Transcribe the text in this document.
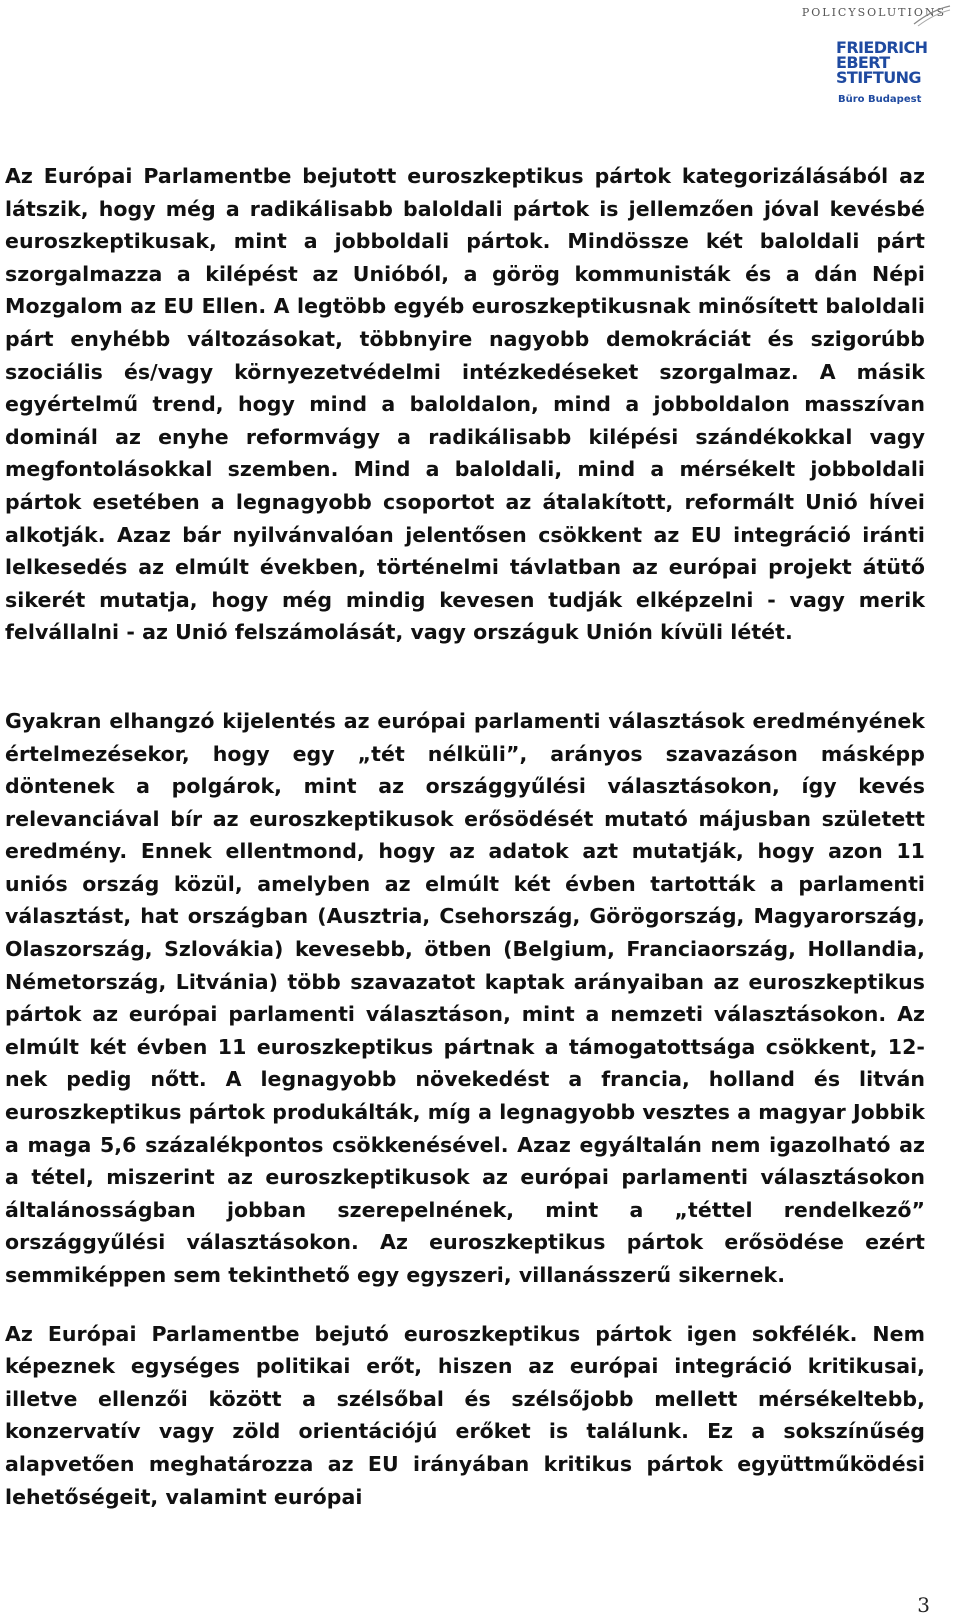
POLICYSOLUTIONS
FRIEDRICH
EBERT
STIFTUNG
Büro Budapest

Az Európai Parlamentbe bejutott euroszkeptikus pártok kategorizálásából az látszik, hogy még a radikálisabb baloldali pártok is jellemzően jóval kevésbé euroszkeptikusak, mint a jobboldali pártok. Mindössze két baloldali párt szorgalmazza a kilépést az Unióból, a görög kommunisták és a dán Népi Mozgalom az EU Ellen. A legtöbb egyéb euroszkeptikusnak minősített baloldali párt enyhébb változásokat, többnyire nagyobb demokráciát és szigorúbb szociális és/vagy környezetvédelmi intézkedéseket szorgalmaz. A másik egyértelmű trend, hogy mind a baloldalon, mind a jobboldalon masszívan dominál az enyhe reformvágy a radikálisabb kilépési szándékokkal vagy megfontolásokkal szemben. Mind a baloldali, mind a mérsékelt jobboldali pártok esetében a legnagyobb csoportot az átalakított, reformált Unió hívei alkotják. Azaz bár nyilvánvalóan jelentősen csökkent az EU integráció iránti lelkesedés az elmúlt években, történelmi távlatban az európai projekt átütő sikerét mutatja, hogy még mindig kevesen tudják elképzelni - vagy merik felvállalni - az Unió felszámolását, vagy országuk Unión kívüli létét.

Gyakran elhangzó kijelentés az európai parlamenti választások eredményének értelmezésekor, hogy egy „tét nélküli”, arányos szavazáson másképp döntenek a polgárok, mint az országgyűlési választásokon, így kevés relevanciával bír az euroszkeptikusok erősödését mutató májusban született eredmény. Ennek ellentmond, hogy az adatok azt mutatják, hogy azon 11 uniós ország közül, amelyben az elmúlt két évben tartották a parlamenti választást, hat országban (Ausztria, Csehország, Görögország, Magyarország, Olaszország, Szlovákia) kevesebb, ötben (Belgium, Franciaország, Hollandia, Németország, Litvánia) több szavazatot kaptak arányaiban az euroszkeptikus pártok az európai parlamenti választáson, mint a nemzeti választásokon. Az elmúlt két évben 11 euroszkeptikus pártnak a támogatottsága csökkent, 12-nek pedig nőtt. A legnagyobb növekedést a francia, holland és litván euroszkeptikus pártok produkálták, míg a legnagyobb vesztes a magyar Jobbik a maga 5,6 százalékpontos csökkenésével. Azaz egyáltalán nem igazolható az a tétel, miszerint az euroszkeptikusok az európai parlamenti választásokon általánosságban jobban szerepelnének, mint a „téttel rendelkező” országgyűlési választásokon. Az euroszkeptikus pártok erősödése ezért semmiképpen sem tekinthető egy egyszeri, villanásszerű sikernek.

Az Európai Parlamentbe bejutó euroszkeptikus pártok igen sokfélék. Nem képeznek egységes politikai erőt, hiszen az európai integráció kritikusai, illetve ellenzői között a szélsőbal és szélsőjobb mellett mérsékeltebb, konzervatív vagy zöld orientációjú erőket is találunk. Ez a sokszínűség alapvetően meghatározza az EU irányában kritikus pártok együttműködési lehetőségeit, valamint európai

3
